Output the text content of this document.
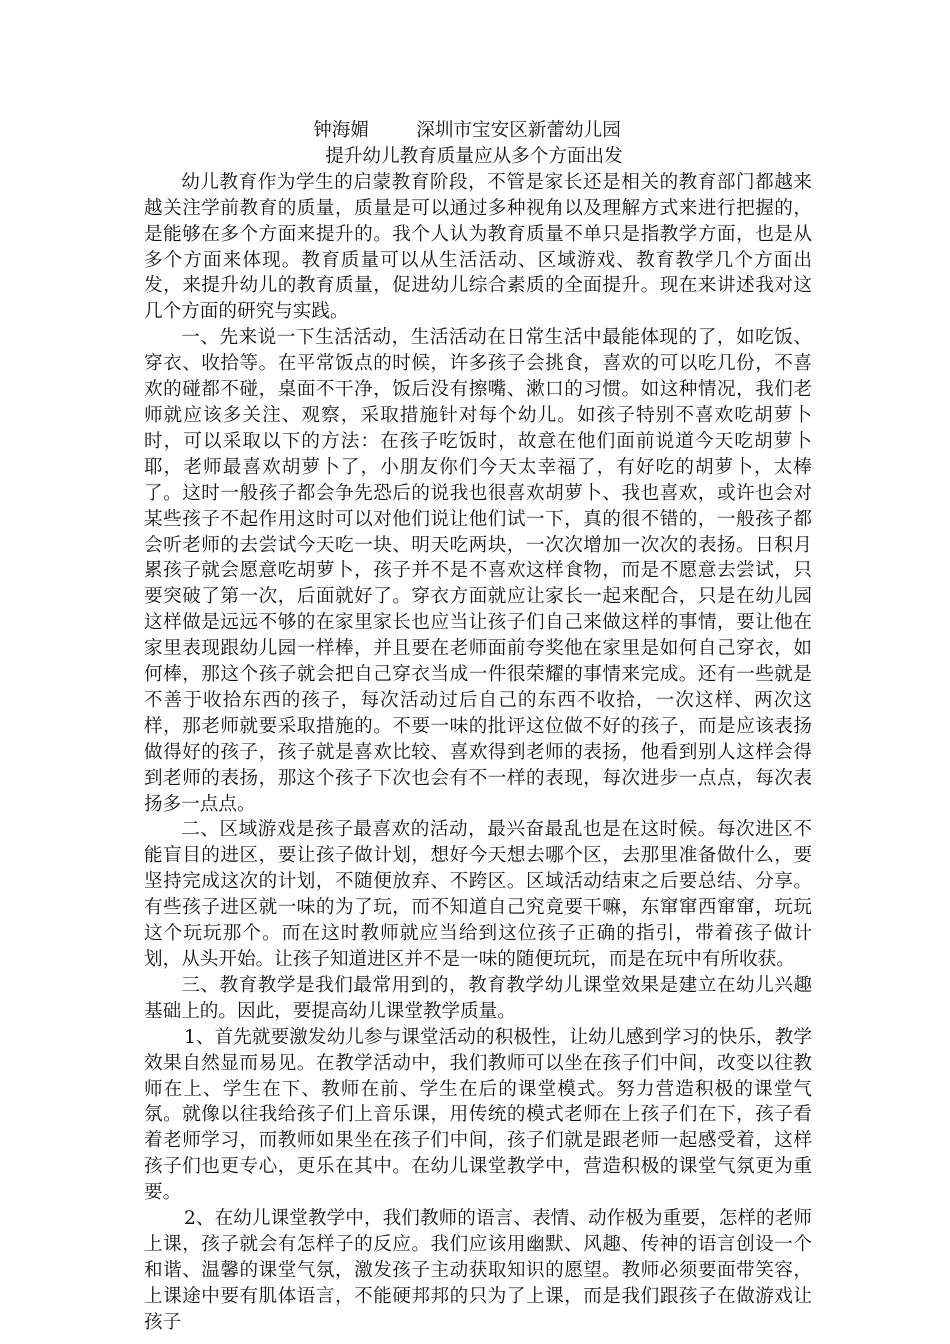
钟海媚	深圳市宝安区新蕾幼儿园

提升幼儿教育质量应从多个方面出发

幼儿教育作为学生的启蒙教育阶段，不管是家长还是相关的教育部门都越来越关注学前教育的质量，质量是可以通过多种视角以及理解方式来进行把握的，是能够在多个方面来提升的。我个人认为教育质量不单只是指教学方面，也是从多个方面来体现。教育质量可以从生活活动、区域游戏、教育教学几个方面出发，来提升幼儿的教育质量，促进幼儿综合素质的全面提升。现在来讲述我对这几个方面的研究与实践。

一、先来说一下生活活动，生活活动在日常生活中最能体现的了，如吃饭、穿衣、收拾等。在平常饭点的时候，许多孩子会挑食，喜欢的可以吃几份，不喜欢的碰都不碰，桌面不干净，饭后没有擦嘴、漱口的习惯。如这种情况，我们老师就应该多关注、观察，采取措施针对每个幼儿。如孩子特别不喜欢吃胡萝卜时，可以采取以下的方法：在孩子吃饭时，故意在他们面前说道今天吃胡萝卜耶，老师最喜欢胡萝卜了，小朋友你们今天太幸福了，有好吃的胡萝卜，太棒了。这时一般孩子都会争先恐后的说我也很喜欢胡萝卜、我也喜欢，或许也会对某些孩子不起作用这时可以对他们说让他们试一下，真的很不错的，一般孩子都会听老师的去尝试今天吃一块、明天吃两块，一次次增加一次次的表扬。日积月累孩子就会愿意吃胡萝卜，孩子并不是不喜欢这样食物，而是不愿意去尝试，只要突破了第一次，后面就好了。穿衣方面就应让家长一起来配合，只是在幼儿园这样做是远远不够的在家里家长也应当让孩子们自己来做这样的事情，要让他在家里表现跟幼儿园一样棒，并且要在老师面前夸奖他在家里是如何自己穿衣，如何棒，那这个孩子就会把自己穿衣当成一件很荣耀的事情来完成。还有一些就是不善于收拾东西的孩子，每次活动过后自己的东西不收拾，一次这样、两次这样，那老师就要采取措施的。不要一味的批评这位做不好的孩子，而是应该表扬做得好的孩子，孩子就是喜欢比较、喜欢得到老师的表扬，他看到别人这样会得到老师的表扬，那这个孩子下次也会有不一样的表现，每次进步一点点，每次表扬多一点点。

二、区域游戏是孩子最喜欢的活动，最兴奋最乱也是在这时候。每次进区不能盲目的进区，要让孩子做计划，想好今天想去哪个区，去那里准备做什么，要坚持完成这次的计划，不随便放弃、不跨区。区域活动结束之后要总结、分享。有些孩子进区就一味的为了玩，而不知道自己究竟要干嘛，东窜窜西窜窜，玩玩这个玩玩那个。而在这时教师就应当给到这位孩子正确的指引，带着孩子做计划，从头开始。让孩子知道进区并不是一味的随便玩玩，而是在玩中有所收获。

三、教育教学是我们最常用到的，教育教学幼儿课堂效果是建立在幼儿兴趣基础上的。因此，要提高幼儿课堂教学质量。

1、首先就要激发幼儿参与课堂活动的积极性，让幼儿感到学习的快乐，教学效果自然显而易见。在教学活动中，我们教师可以坐在孩子们中间，改变以往教师在上、学生在下、教师在前、学生在后的课堂模式。努力营造积极的课堂气氛。就像以往我给孩子们上音乐课，用传统的模式老师在上孩子们在下，孩子看着老师学习，而教师如果坐在孩子们中间，孩子们就是跟老师一起感受着，这样孩子们也更专心，更乐在其中。在幼儿课堂教学中，营造积极的课堂气氛更为重要。

2、在幼儿课堂教学中，我们教师的语言、表情、动作极为重要，怎样的老师上课，孩子就会有怎样子的反应。我们应该用幽默、风趣、传神的语言创设一个和谐、温馨的课堂气氛，激发孩子主动获取知识的愿望。教师必须要面带笑容，上课途中要有肌体语言，不能硬邦邦的只为了上课，而是我们跟孩子在做游戏让孩子
